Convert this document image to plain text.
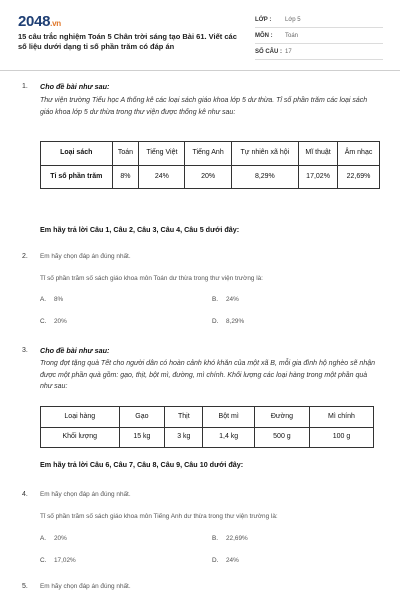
2048.vn
15 câu trắc nghiệm Toán 5 Chân trời sáng tạo Bài 61. Viết các số liệu dưới dạng tỉ số phần trăm có đáp án
LỚP :	Lớp 5
MÔN :	Toán
SỐ CÂU : 17
1. Cho đề bài như sau:
Thư viện trường Tiểu học A thống kê các loại sách giáo khoa lớp 5 dư thừa. Tỉ số phần trăm các loại sách giáo khoa lớp 5 dư thừa trong thư viện được thống kê như sau:
Loại sách	Toán	Tiếng Việt	Tiếng Anh	Tự nhiên xã hội	Mĩ thuật	Âm nhạc
Tỉ số phần trăm	8%	24%	20%	8,29%	17,02%	22,69%
Em hãy trả lời Câu 1, Câu 2, Câu 3, Câu 4, Câu 5 dưới đây:
2. Em hãy chọn đáp án đúng nhất.
Tỉ số phần trăm số sách giáo khoa môn Toán dư thừa trong thư viện trường là:
A. 8%	B. 24%
C. 20%	D. 8,29%
3. Cho đề bài như sau:
Trong đợt tặng quà Tết cho người dân có hoàn cảnh khó khăn của một xã B, mỗi gia đình hộ nghèo sẽ nhận được một phần quà gồm: gạo, thịt, bột mì, đường, mì chính. Khối lượng các loại hàng trong một phần quà như sau:
Loại hàng	Gạo	Thịt	Bột mì	Đường	Mì chính
Khối lượng	15 kg	3 kg	1,4 kg	500 g	100 g
Em hãy trả lời Câu 6, Câu 7, Câu 8, Câu 9, Câu 10 dưới đây:
4. Em hãy chọn đáp án đúng nhất.
Tỉ số phần trăm số sách giáo khoa môn Tiếng Anh dư thừa trong thư viện trường là:
A. 20%	B. 22,69%
C. 17,02%	D. 24%
5. Em hãy chọn đáp án đúng nhất.
